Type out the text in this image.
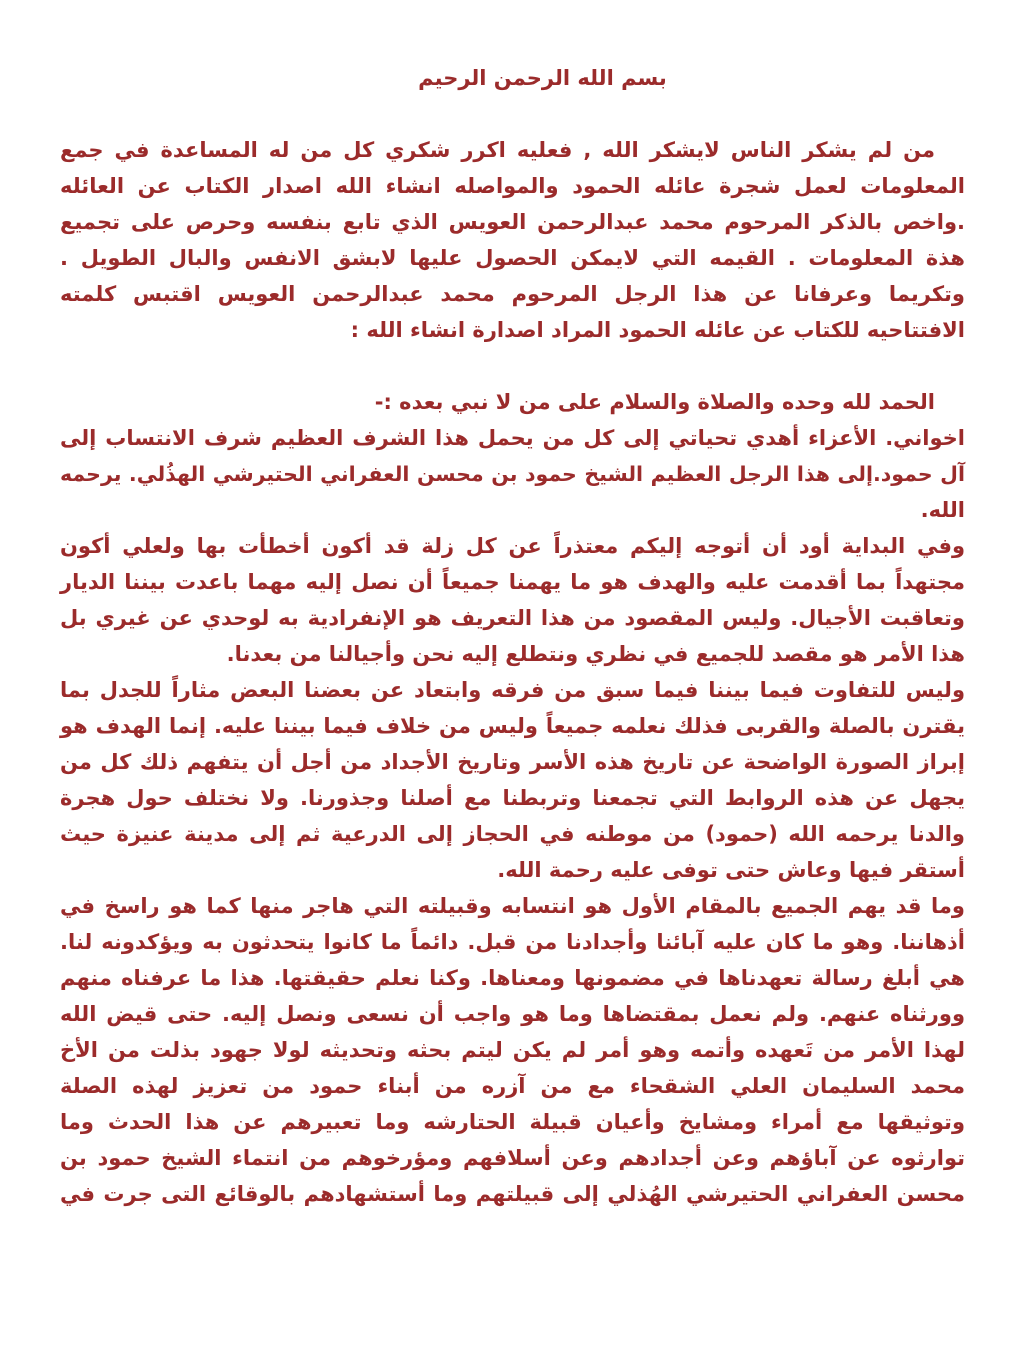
بسم الله الرحمن الرحيم
من لم يشكر الناس لايشكر الله , فعليه اكرر شكري كل من له المساعدة في جمع
المعلومات لعمل شجرة عائله الحمود والمواصله انشاء الله اصدار الكتاب عن العائله
.واخص بالذكر المرحوم محمد عبدالرحمن العويس الذي تابع بنفسه وحرص على تجميع
هذة المعلومات . القيمه التي لايمكن الحصول عليها لابشق الانفس والبال الطويل .
وتكريما وعرفانا عن هذا الرجل المرحوم محمد عبدالرحمن العويس اقتبس كلمته
الافتتاحيه للكتاب عن عائله الحمود المراد اصدارة انشاء الله :
الحمد لله وحده والصلاة والسلام على من لا نبي بعده :-
اخواني. الأعزاء أهدي تحياتي إلى كل من يحمل هذا الشرف العظيم شرف الانتساب إلى
آل حمود.إلى هذا الرجل العظيم الشيخ حمود بن محسن العفراني الحتيرشي الهذُلي. يرحمه
الله.
وفي البداية أود أن أتوجه إليكم معتذراً عن كل زلة قد أكون أخطأت بها ولعلي أكون
مجتهداً بما أقدمت عليه والهدف هو ما يهمنا جميعاً أن نصل إليه مهما باعدت بيننا الديار
وتعاقبت الأجيال. وليس المقصود من هذا التعريف هو الإنفرادية به لوحدي عن غيري بل
هذا الأمر هو مقصد للجميع في نظري ونتطلع إليه نحن وأجيالنا من بعدنا.
وليس للتفاوت فيما بيننا فيما سبق من فرقه وابتعاد عن بعضنا البعض مثاراً للجدل بما
يقترن بالصلة والقربى فذلك نعلمه جميعاً وليس من خلاف فيما بيننا عليه. إنما الهدف هو
إبراز الصورة الواضحة عن تاريخ هذه الأسر وتاريخ الأجداد من أجل أن يتفهم ذلك كل من
يجهل عن هذه الروابط التي تجمعنا وتربطنا مع أصلنا وجذورنا. ولا نختلف حول هجرة
والدنا يرحمه الله (حمود) من موطنه في الحجاز إلى الدرعية ثم إلى مدينة عنيزة حيث
أستقر فيها وعاش حتى توفى عليه رحمة الله.
وما قد يهم الجميع بالمقام الأول هو انتسابه وقبيلته التي هاجر منها كما هو راسخ في
أذهاننا. وهو ما كان عليه آبائنا وأجدادنا من قبل. دائماً ما كانوا يتحدثون به ويؤكدونه لنا.
هي أبلغ رسالة تعهدناها في مضمونها ومعناها. وكنا نعلم حقيقتها. هذا ما عرفناه منهم
وورثناه عنهم. ولم نعمل بمقتضاها وما هو واجب أن نسعى ونصل إليه. حتى قيض الله
لهذا الأمر من تَعهده وأتمه وهو أمر لم يكن ليتم بحثه وتحديثه لولا جهود بذلت من الأخ
محمد السليمان العلي الشقحاء مع من آزره من أبناء حمود من تعزيز لهذه الصلة
وتوثيقها مع أمراء ومشايخ وأعيان قبيلة الحتارشه وما تعبيرهم عن هذا الحدث وما
توارثوه عن آباؤهم وعن أجدادهم وعن أسلافهم ومؤرخوهم من انتماء الشيخ حمود بن
محسن العفراني الحتيرشي الهُذلي إلى قبيلتهم وما أستشهادهم بالوقائع التى جرت في
